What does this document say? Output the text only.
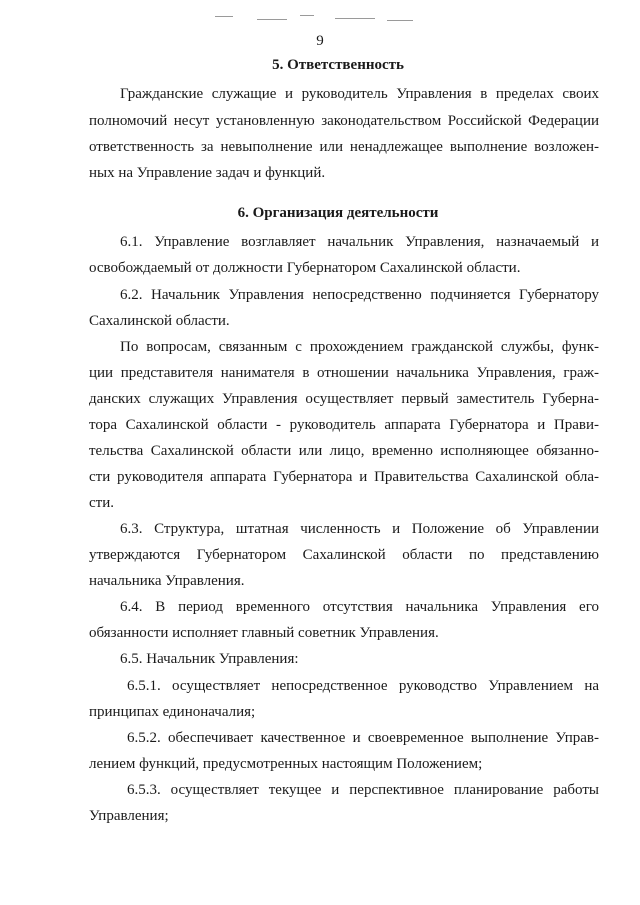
9
5. Ответственность
Гражданские служащие и руководитель Управления в пределах своих
полномочий несут установленную законодательством Российской Федерации
ответственность за невыполнение или ненадлежащее выполнение возложен-
ных на Управление задач и функций.
6. Организация деятельности
6.1. Управление возглавляет начальник Управления, назначаемый и
освобождаемый от должности Губернатором Сахалинской области.
6.2. Начальник Управления непосредственно подчиняется Губернатору
Сахалинской области.
По вопросам, связанным с прохождением гражданской службы, функ-
ции представителя нанимателя в отношении начальника Управления, граж-
данских служащих Управления осуществляет первый заместитель Губерна-
тора Сахалинской области - руководитель аппарата Губернатора и Прави-
тельства Сахалинской области или лицо, временно исполняющее обязанно-
сти руководителя аппарата Губернатора и Правительства Сахалинской обла-
сти.
6.3. Структура, штатная численность и Положение об Управлении
утверждаются Губернатором Сахалинской области по представлению
начальника Управления.
6.4. В период временного отсутствия начальника Управления его
обязанности исполняет главный советник Управления.
6.5. Начальник Управления:
6.5.1. осуществляет непосредственное руководство Управлением на
принципах единоначалия;
6.5.2. обеспечивает качественное и своевременное выполнение Управ-
лением функций, предусмотренных настоящим Положением;
6.5.3. осуществляет текущее и перспективное планирование работы
Управления;
